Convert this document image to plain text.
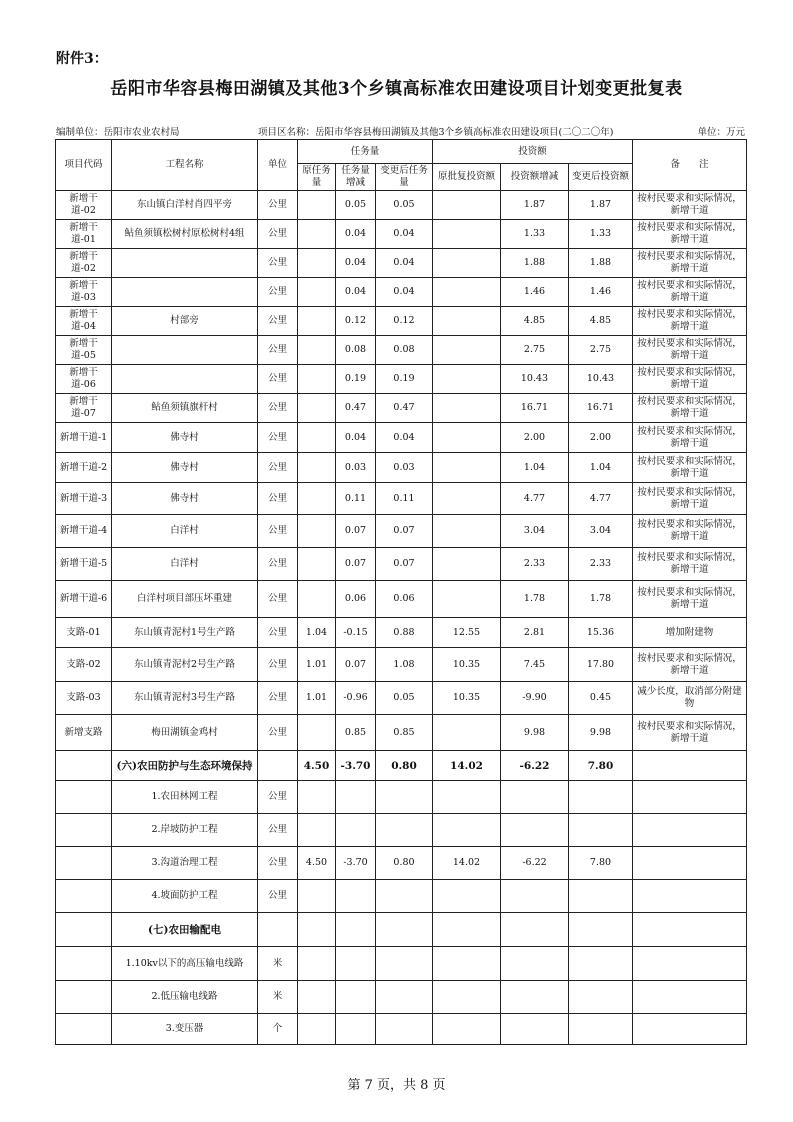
附件3：
岳阳市华容县梅田湖镇及其他3个乡镇高标准农田建设项目计划变更批复表
编制单位：岳阳市农业农村局	项目区名称：岳阳市华容县梅田湖镇及其他3个乡镇高标准农田建设项目(二〇二〇年)	单位：万元
项目代码	工程名称	单位	任务量			投资额			备　　注
			原任务量	任务量增减	变更后任务量	原批复投资额	投资额增减	变更后投资额	
新增干道-02	东山镇白洋村肖四平旁	公里		0.05	0.05		1.87	1.87	按村民要求和实际情况，新增干道
新增干道-01	鲇鱼须镇松树村原松树村4组	公里		0.04	0.04		1.33	1.33	按村民要求和实际情况，新增干道
新增干道-02		公里		0.04	0.04		1.88	1.88	按村民要求和实际情况，新增干道
新增干道-03		公里		0.04	0.04		1.46	1.46	按村民要求和实际情况，新增干道
新增干道-04	村部旁	公里		0.12	0.12		4.85	4.85	按村民要求和实际情况，新增干道
新增干道-05		公里		0.08	0.08		2.75	2.75	按村民要求和实际情况，新增干道
新增干道-06		公里		0.19	0.19		10.43	10.43	按村民要求和实际情况，新增干道
新增干道-07	鲇鱼须镇旗杆村	公里		0.47	0.47		16.71	16.71	按村民要求和实际情况，新增干道
新增干道-1	佛寺村	公里		0.04	0.04		2.00	2.00	按村民要求和实际情况，新增干道
新增干道-2	佛寺村	公里		0.03	0.03		1.04	1.04	按村民要求和实际情况，新增干道
新增干道-3	佛寺村	公里		0.11	0.11		4.77	4.77	按村民要求和实际情况，新增干道
新增干道-4	白洋村	公里		0.07	0.07		3.04	3.04	按村民要求和实际情况，新增干道
新增干道-5	白洋村	公里		0.07	0.07		2.33	2.33	按村民要求和实际情况，新增干道
新增干道-6	白洋村项目部压坏重建	公里		0.06	0.06		1.78	1.78	按村民要求和实际情况，新增干道
支路-01	东山镇青泥村1号生产路	公里	1.04	-0.15	0.88	12.55	2.81	15.36	增加附建物
支路-02	东山镇青泥村2号生产路	公里	1.01	0.07	1.08	10.35	7.45	17.80	按村民要求和实际情况，新增干道
支路-03	东山镇青泥村3号生产路	公里	1.01	-0.96	0.05	10.35	-9.90	0.45	减少长度，取消部分附建物
新增支路	梅田湖镇金鸡村	公里		0.85	0.85		9.98	9.98	按村民要求和实际情况，新增干道
	(六)农田防护与生态环境保持		4.50	-3.70	0.80	14.02	-6.22	7.80	
	1.农田林网工程	公里							
	2.岸坡防护工程	公里							
	3.沟道治理工程	公里	4.50	-3.70	0.80	14.02	-6.22	7.80	
	4.坡面防护工程	公里							
	(七)农田输配电								
	1.10kv以下的高压输电线路	米							
	2.低压输电线路	米							
	3.变压器	个							
第 7 页，共 8 页
